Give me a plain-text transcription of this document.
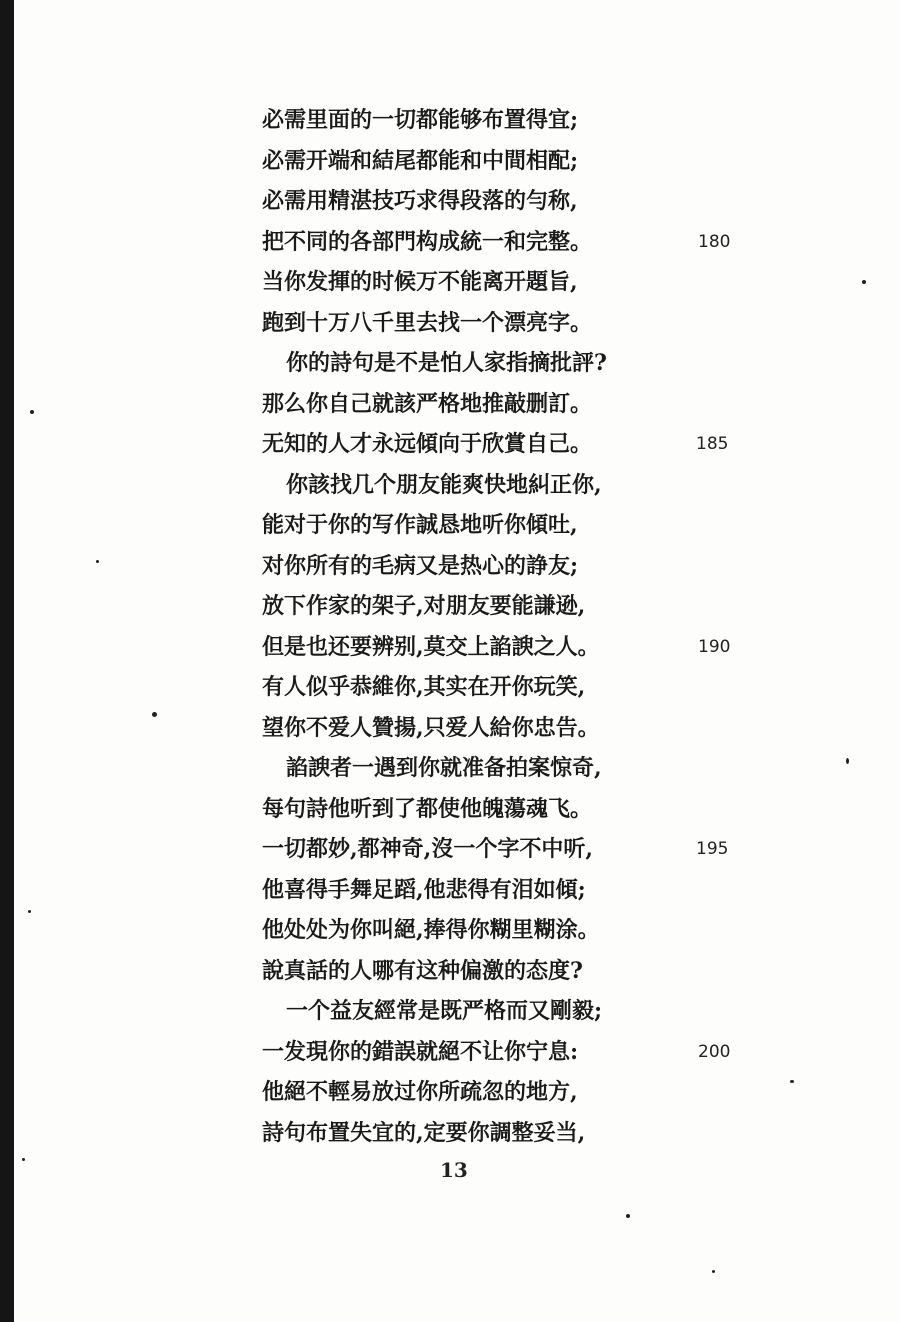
必需里面的一切都能够布置得宜;
必需开端和結尾都能和中間相配;
必需用精湛技巧求得段落的勻称,
把不同的各部門构成統一和完整。
当你发揮的时候万不能离开題旨,
跑到十万八千里去找一个漂亮字。
你的詩句是不是怕人家指摘批評?
那么你自己就該严格地推敲删訂。
无知的人才永远傾向于欣賞自己。
你該找几个朋友能爽快地糾正你,
能对于你的写作誠恳地听你傾吐,
对你所有的毛病又是热心的諍友;
放下作家的架子,对朋友要能謙逊,
但是也还要辨别,莫交上諂諛之人。
有人似乎恭維你,其实在开你玩笑,
望你不爱人贊揚,只爱人給你忠告。
諂諛者一遇到你就准备拍案惊奇,
每句詩他听到了都使他魄蕩魂飞。
一切都妙,都神奇,沒一个字不中听,
他喜得手舞足蹈,他悲得有泪如傾;
他处处为你叫絕,捧得你糊里糊涂。
說真話的人哪有这种偏激的态度?
一个益友經常是既严格而又剛毅;
一发現你的錯誤就絕不让你宁息:
他絕不輕易放过你所疏忽的地方,
詩句布置失宜的,定要你調整妥当,
180
185
190
195
200
13
